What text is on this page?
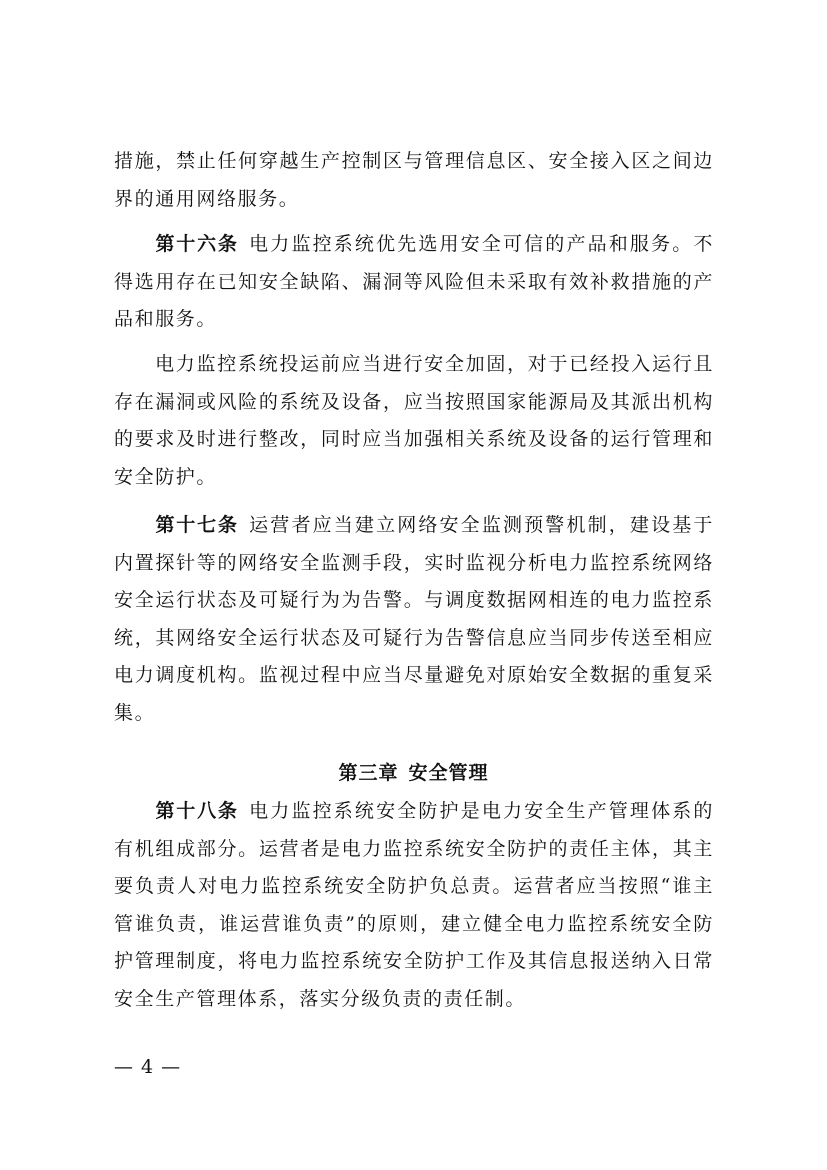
措施，禁止任何穿越生产控制区与管理信息区、安全接入区之间边界的通用网络服务。

第十六条 电力监控系统优先选用安全可信的产品和服务。不得选用存在已知安全缺陷、漏洞等风险但未采取有效补救措施的产品和服务。

电力监控系统投运前应当进行安全加固，对于已经投入运行且存在漏洞或风险的系统及设备，应当按照国家能源局及其派出机构的要求及时进行整改，同时应当加强相关系统及设备的运行管理和安全防护。

第十七条 运营者应当建立网络安全监测预警机制，建设基于内置探针等的网络安全监测手段，实时监视分析电力监控系统网络安全运行状态及可疑行为为告警。与调度数据网相连的电力监控系统，其网络安全运行状态及可疑行为告警信息应当同步传送至相应电力调度机构。监视过程中应当尽量避免对原始安全数据的重复采集。

第三章 安全管理

第十八条 电力监控系统安全防护是电力安全生产管理体系的有机组成部分。运营者是电力监控系统安全防护的责任主体，其主要负责人对电力监控系统安全防护负总责。运营者应当按照“谁主管谁负责，谁运营谁负责”的原则，建立健全电力监控系统安全防护管理制度，将电力监控系统安全防护工作及其信息报送纳入日常安全生产管理体系，落实分级负责的责任制。

— 4 —
